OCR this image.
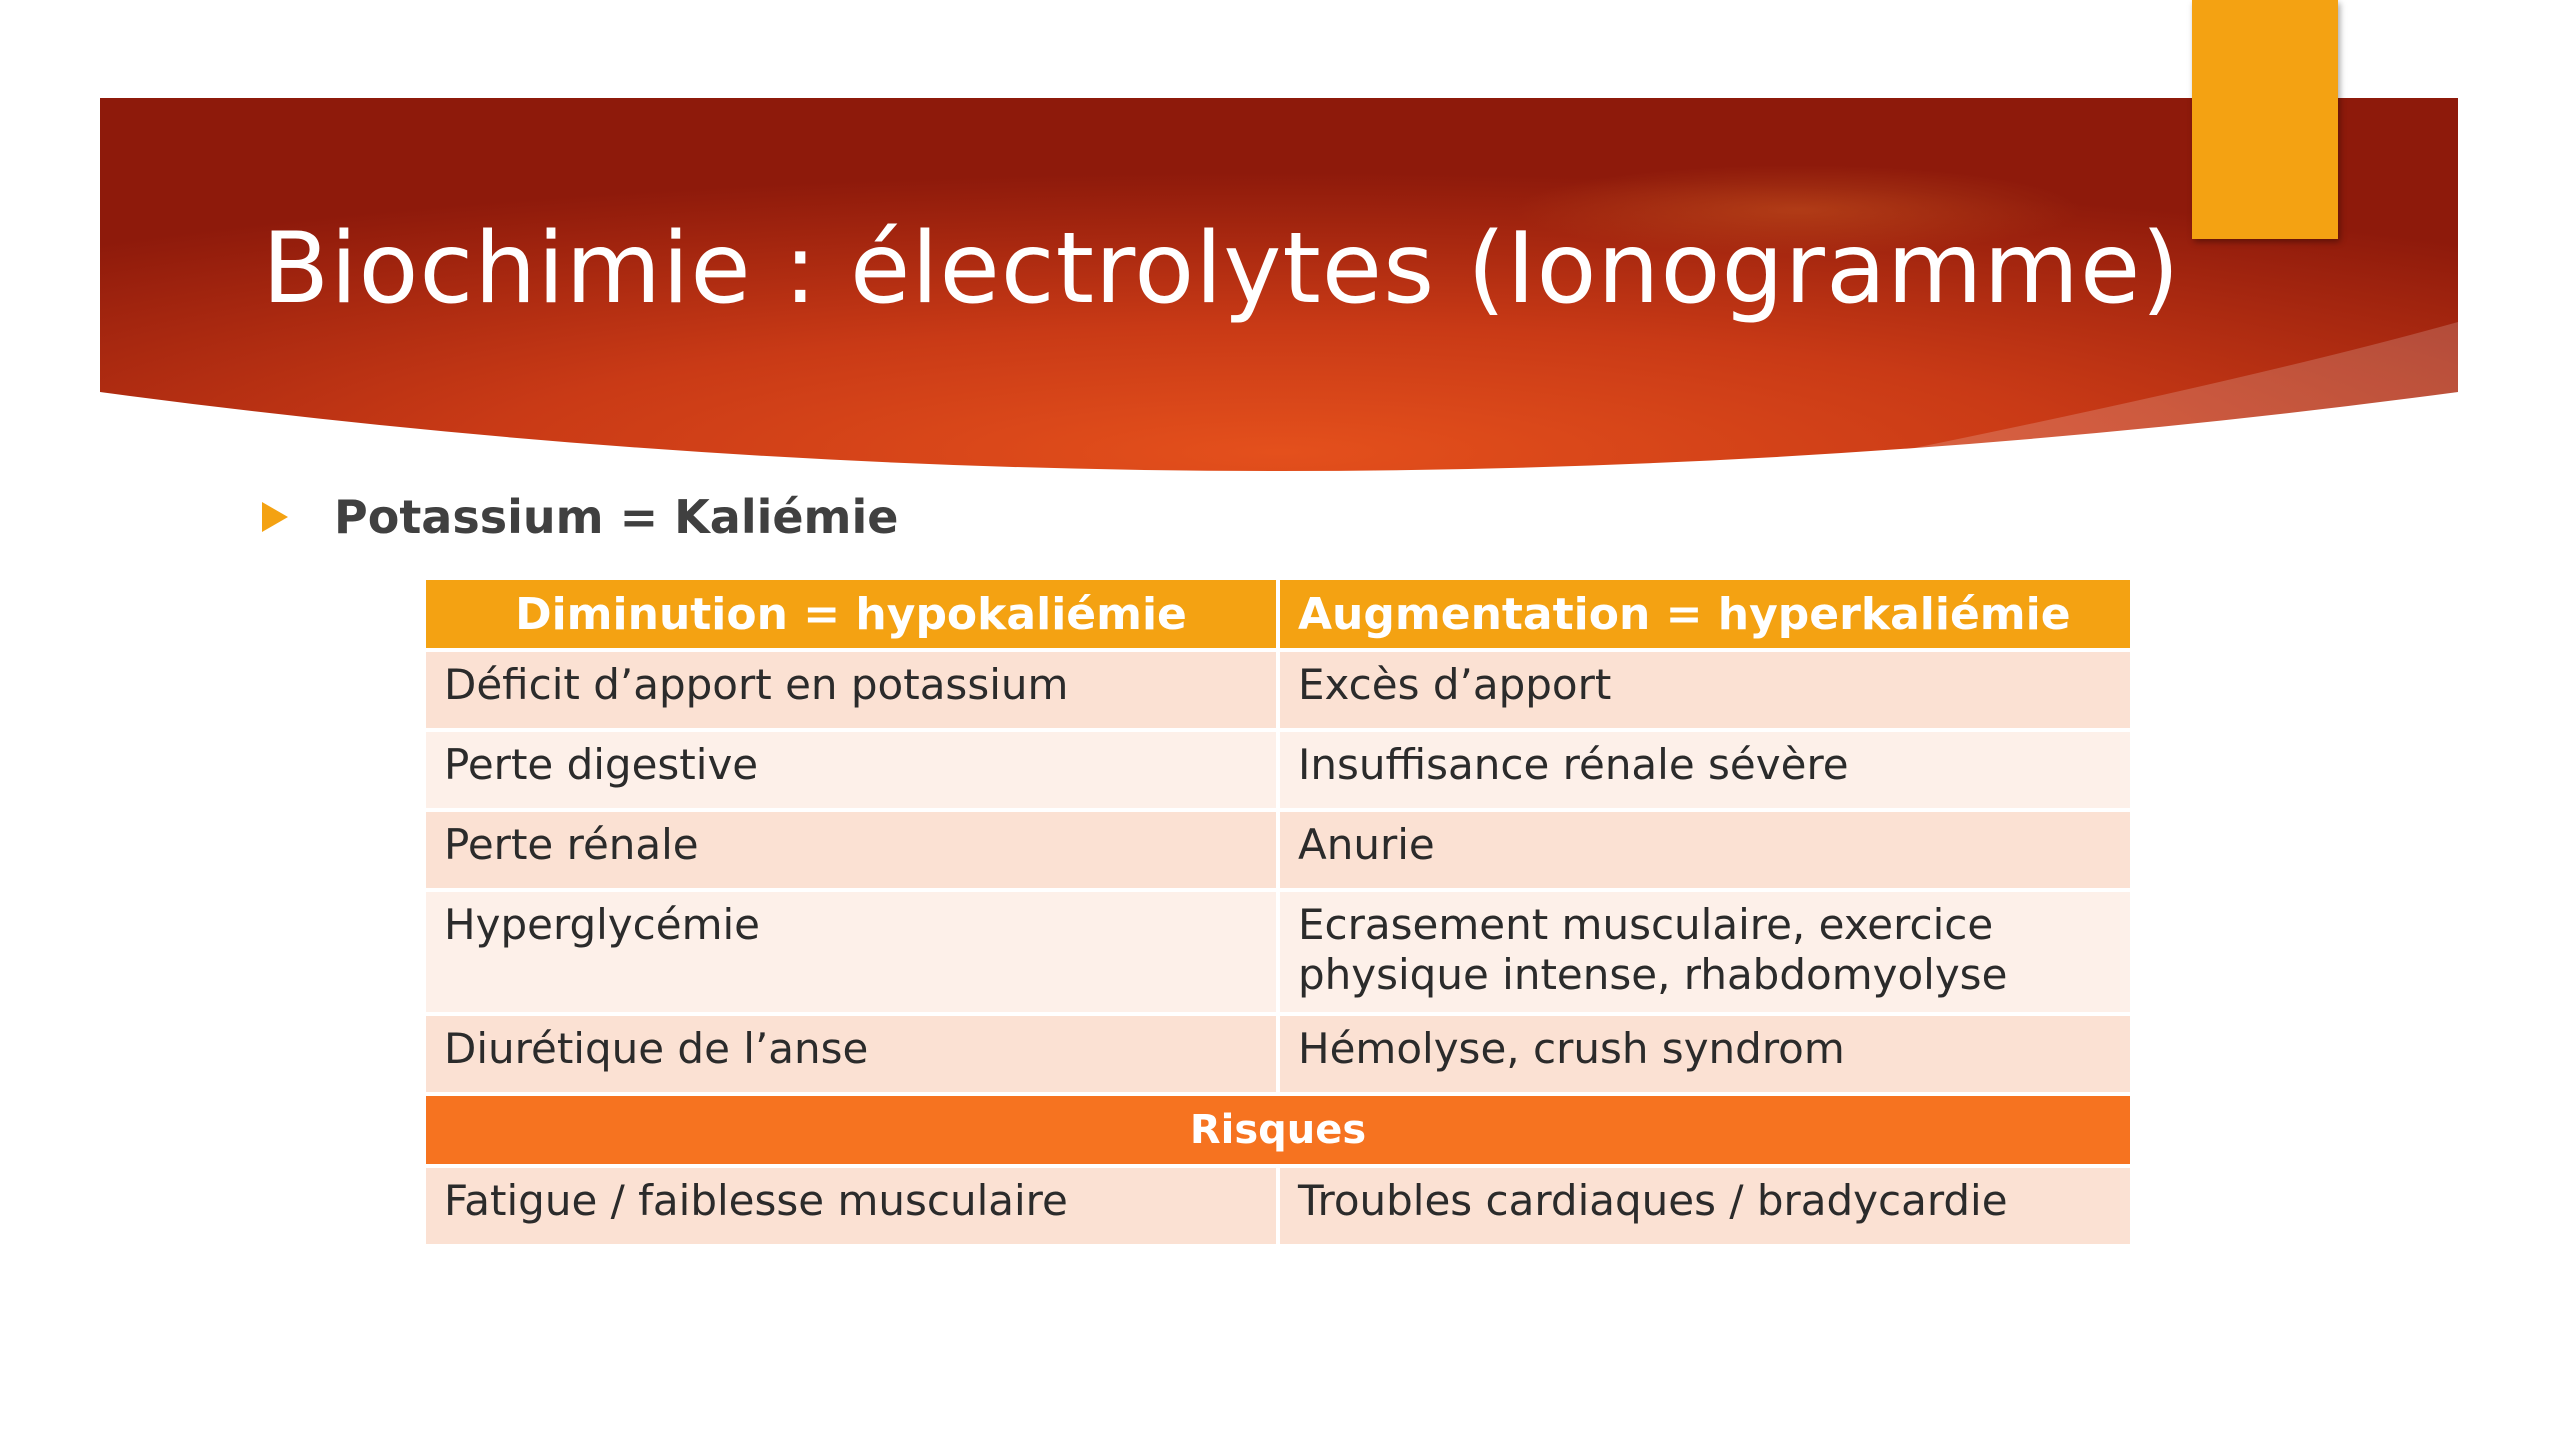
Biochimie : électrolytes (Ionogramme)
Potassium = Kaliémie
Diminution = hypokaliémie	Augmentation = hyperkaliémie
Déficit d’apport en potassium	Excès d’apport
Perte digestive	Insuffisance rénale sévère
Perte rénale	Anurie
Hyperglycémie	Ecrasement musculaire, exercice physique intense, rhabdomyolyse
Diurétique de l’anse	Hémolyse, crush syndrom
Risques	
Fatigue / faiblesse musculaire	Troubles cardiaques / bradycardie
